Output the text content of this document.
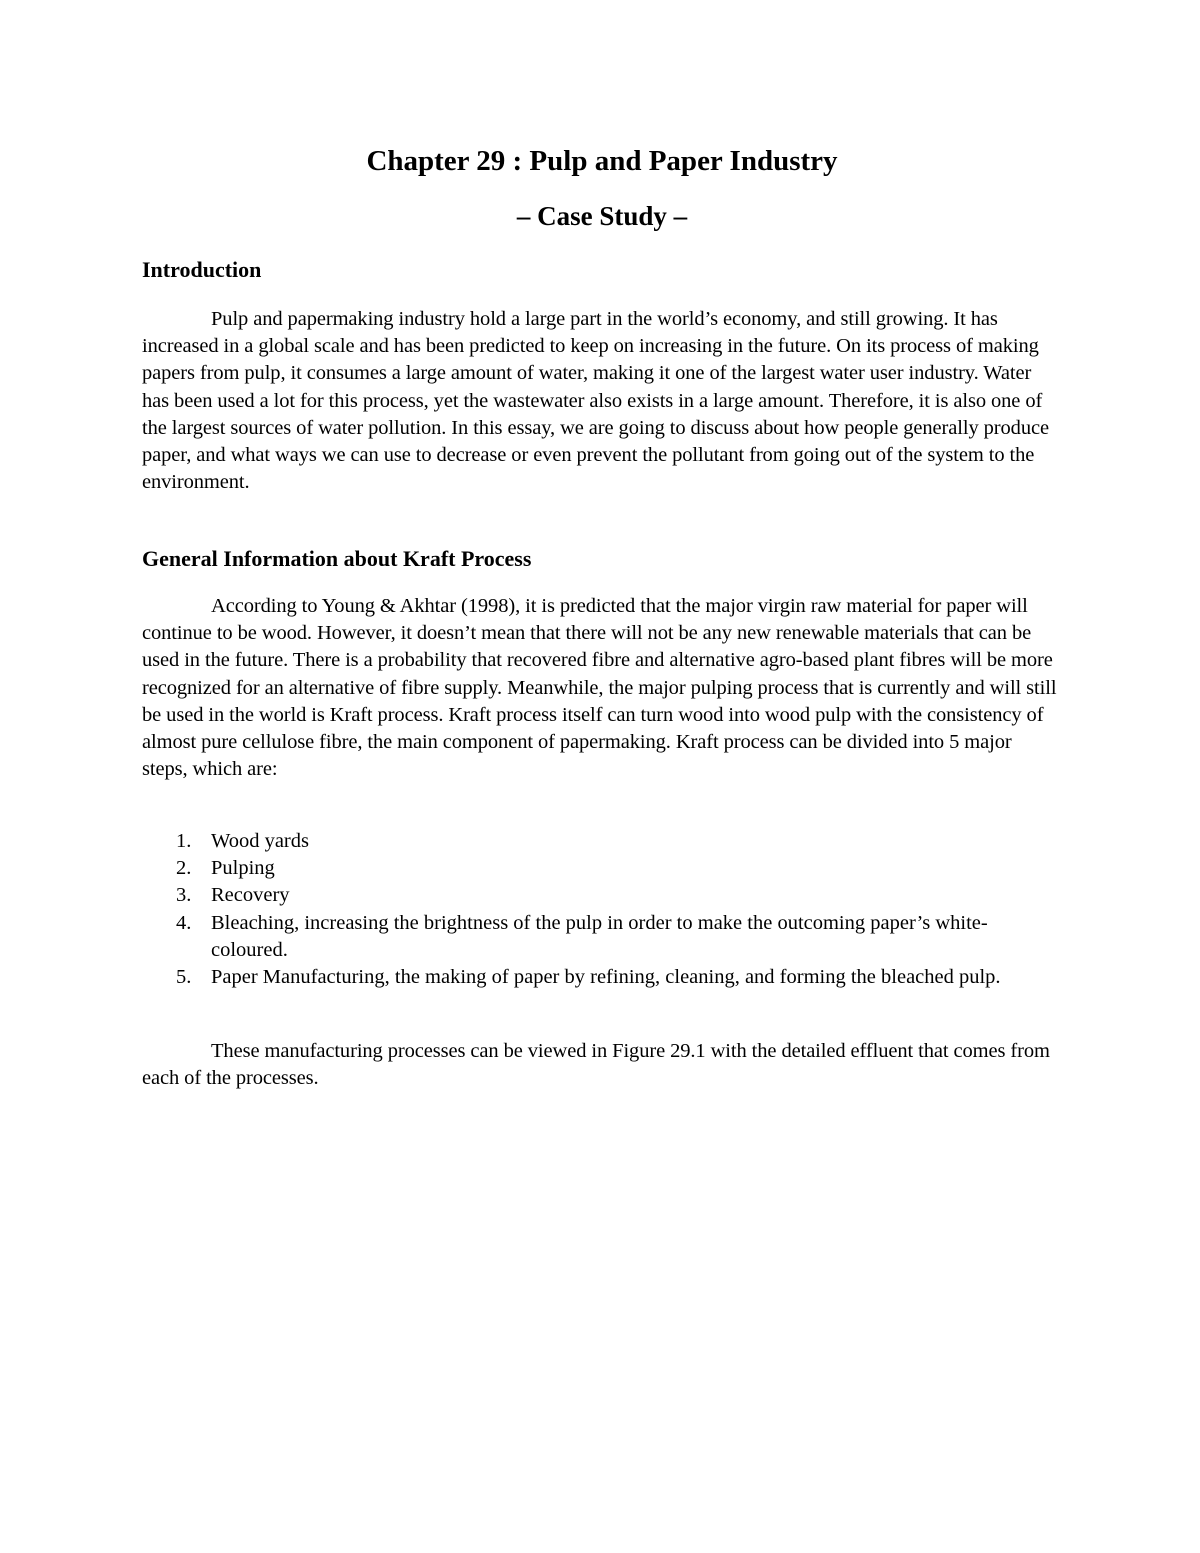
Chapter 29 : Pulp and Paper Industry
– Case Study –
Introduction

Pulp and papermaking industry hold a large part in the world’s economy, and still growing. It has increased in a global scale and has been predicted to keep on increasing in the future. On its process of making papers from pulp, it consumes a large amount of water, making it one of the largest water user industry. Water has been used a lot for this process, yet the wastewater also exists in a large amount. Therefore, it is also one of the largest sources of water pollution. In this essay, we are going to discuss about how people generally produce paper, and what ways we can use to decrease or even prevent the pollutant from going out of the system to the environment.

General Information about Kraft Process

According to Young & Akhtar (1998), it is predicted that the major virgin raw material for paper will continue to be wood. However, it doesn’t mean that there will not be any new renewable materials that can be used in the future. There is a probability that recovered fibre and alternative agro-based plant fibres will be more recognized for an alternative of fibre supply. Meanwhile, the major pulping process that is currently and will still be used in the world is Kraft process. Kraft process itself can turn wood into wood pulp with the consistency of almost pure cellulose fibre, the main component of papermaking. Kraft process can be divided into 5 major steps, which are:

1. Wood yards
2. Pulping
3. Recovery
4. Bleaching, increasing the brightness of the pulp in order to make the outcoming paper’s white-coloured.
5. Paper Manufacturing, the making of paper by refining, cleaning, and forming the bleached pulp.

These manufacturing processes can be viewed in Figure 29.1 with the detailed effluent that comes from each of the processes.
